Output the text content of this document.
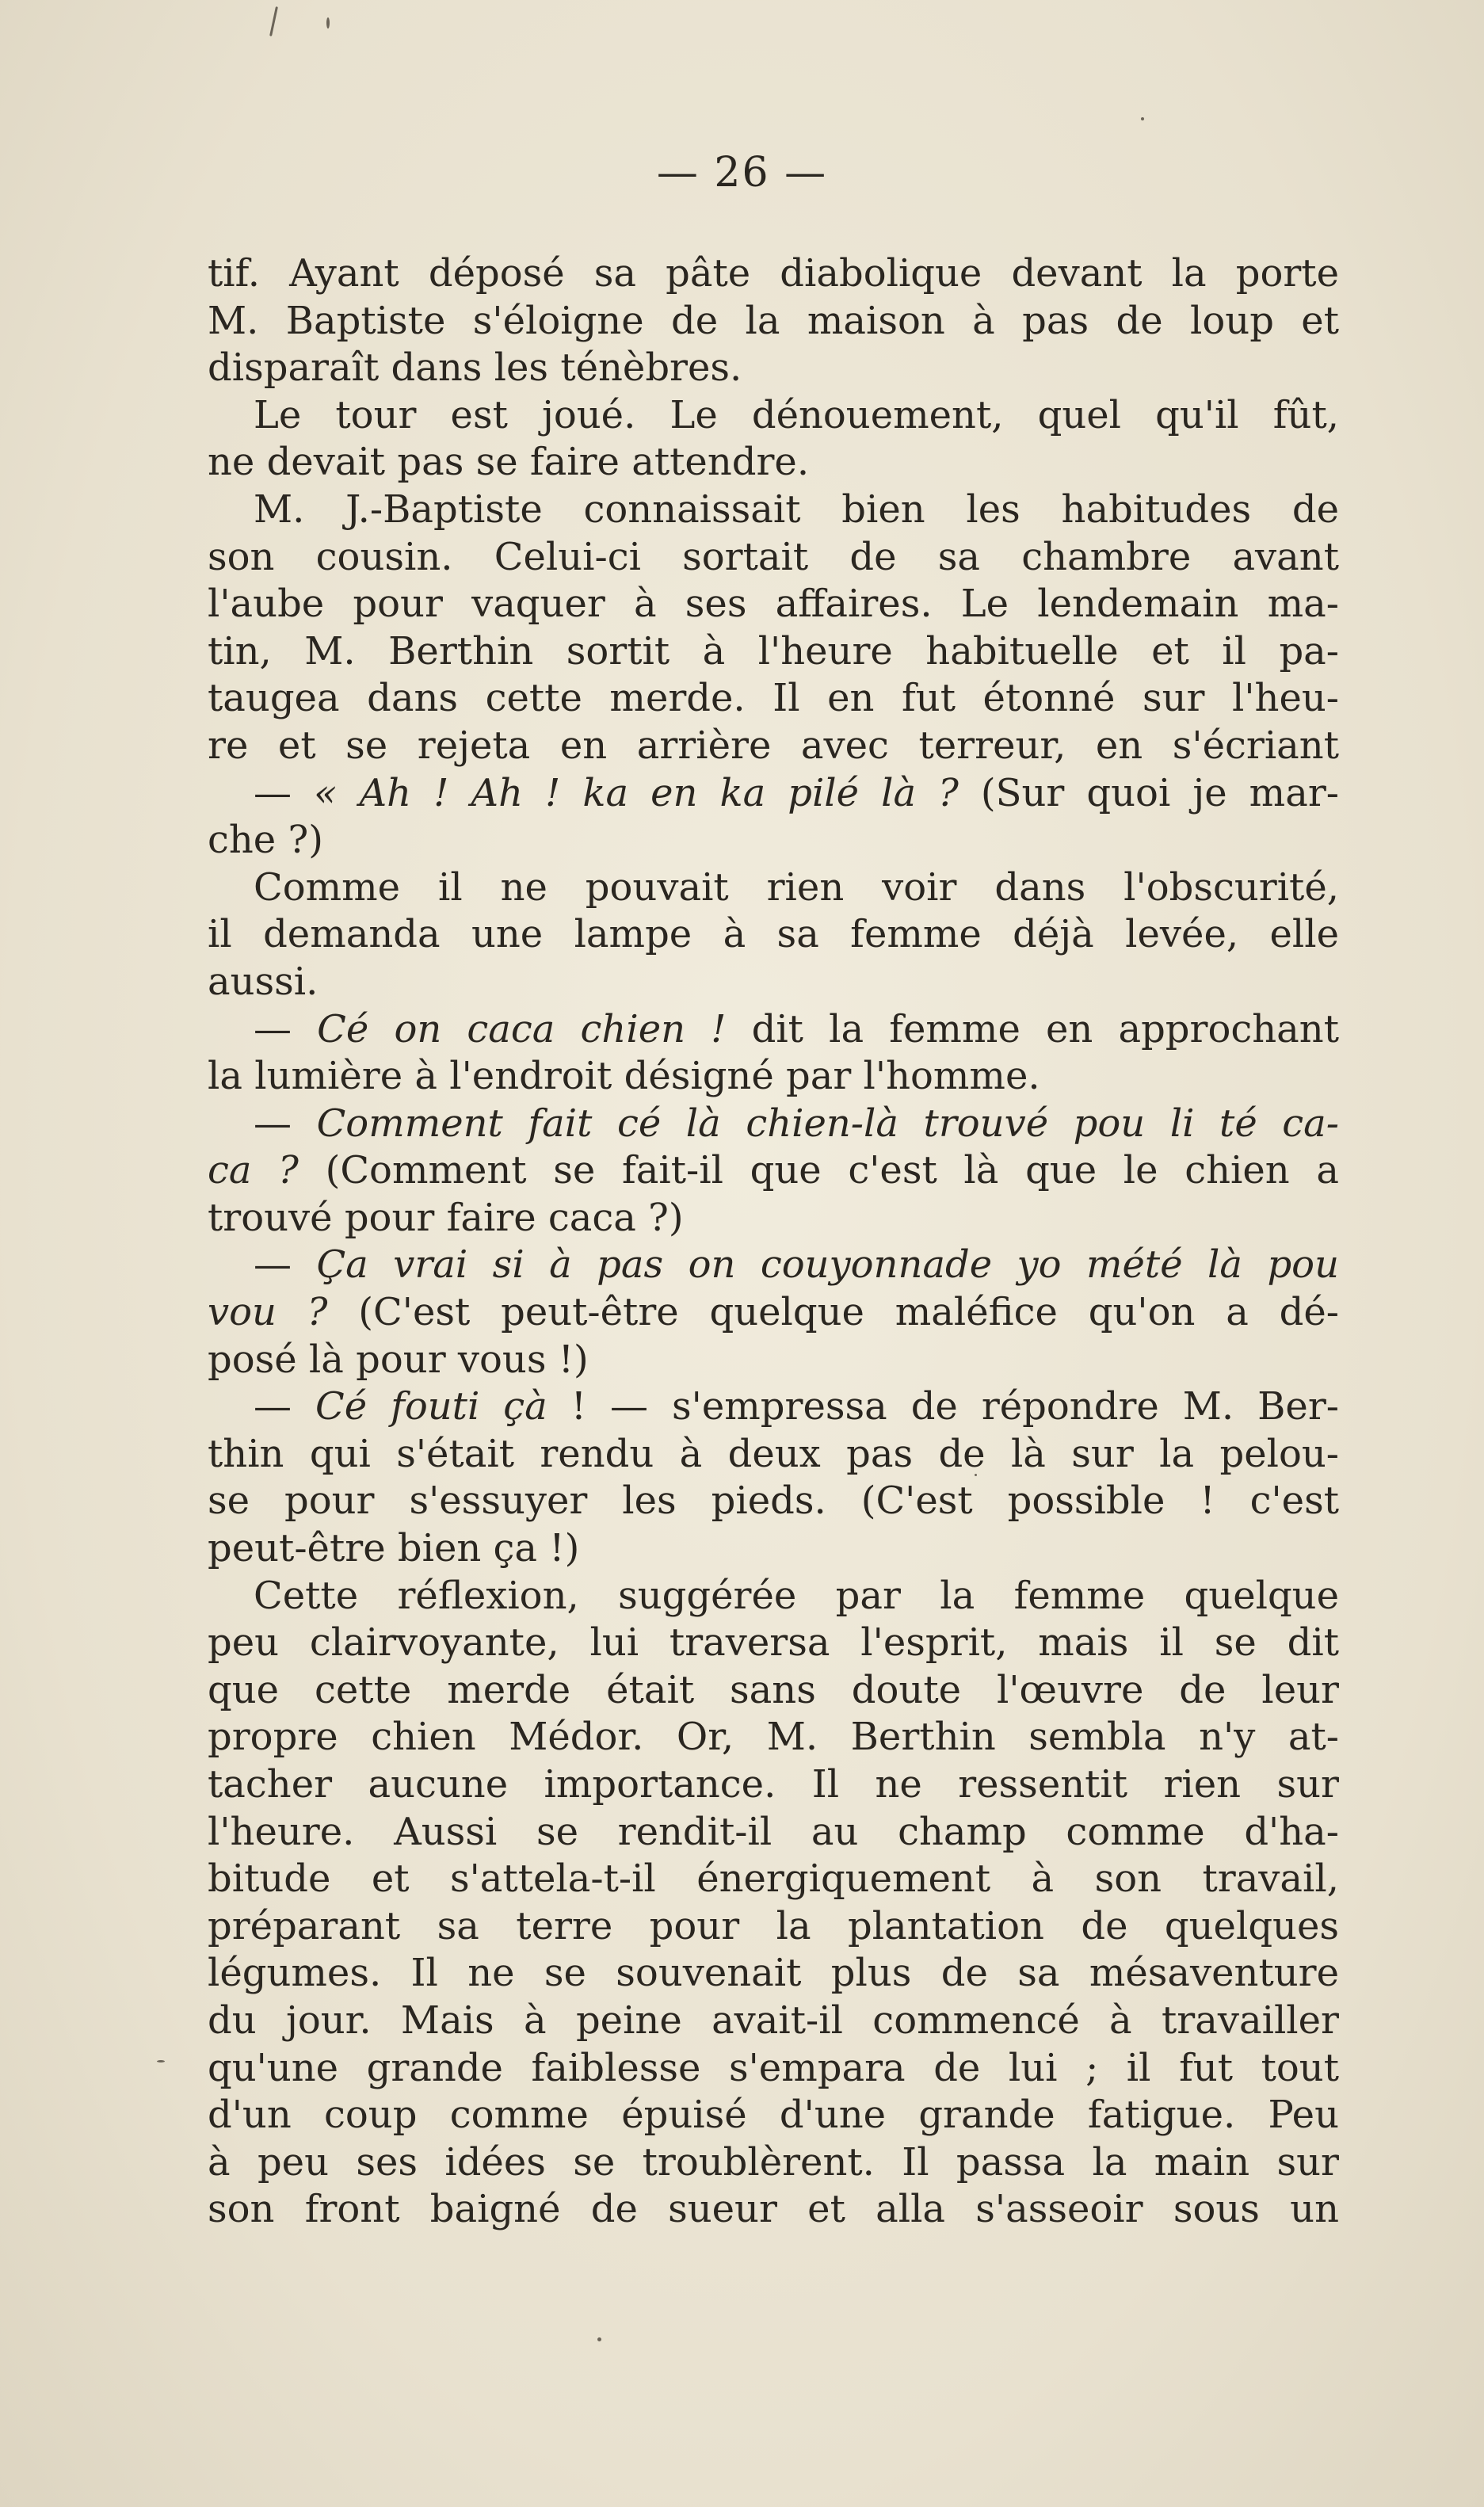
— 26 —
tif. Ayant déposé sa pâte diabolique devant la porte
M. Baptiste s'éloigne de la maison à pas de loup et
disparaît dans les ténèbres.
Le tour est joué. Le dénouement, quel qu'il fût,
ne devait pas se faire attendre.
M. J.-Baptiste connaissait bien les habitudes de
son cousin. Celui-ci sortait de sa chambre avant
l'aube pour vaquer à ses affaires. Le lendemain ma-
tin, M. Berthin sortit à l'heure habituelle et il pa-
taugea dans cette merde. Il en fut étonné sur l'heu-
re et se rejeta en arrière avec terreur, en s'écriant
— « Ah ! Ah ! ka en ka pilé là ? (Sur quoi je mar-
che ?)
Comme il ne pouvait rien voir dans l'obscurité,
il demanda une lampe à sa femme déjà levée, elle
aussi.
— Cé on caca chien ! dit la femme en approchant
la lumière à l'endroit désigné par l'homme.
— Comment fait cé là chien-là trouvé pou li té ca-
ca ? (Comment se fait-il que c'est là que le chien a
trouvé pour faire caca ?)
— Ça vrai si à pas on couyonnade yo mété là pou
vou ? (C'est peut-être quelque maléfice qu'on a dé-
posé là pour vous !)
— Cé fouti çà ! — s'empressa de répondre M. Ber-
thin qui s'était rendu à deux pas de là sur la pelou-
se pour s'essuyer les pieds. (C'est possible ! c'est
peut-être bien ça !)
Cette réflexion, suggérée par la femme quelque
peu clairvoyante, lui traversa l'esprit, mais il se dit
que cette merde était sans doute l'œuvre de leur
propre chien Médor. Or, M. Berthin sembla n'y at-
tacher aucune importance. Il ne ressentit rien sur
l'heure. Aussi se rendit-il au champ comme d'ha-
bitude et s'attela-t-il énergiquement à son travail,
préparant sa terre pour la plantation de quelques
légumes. Il ne se souvenait plus de sa mésaventure
du jour. Mais à peine avait-il commencé à travailler
qu'une grande faiblesse s'empara de lui ; il fut tout
d'un coup comme épuisé d'une grande fatigue. Peu
à peu ses idées se troublèrent. Il passa la main sur
son front baigné de sueur et alla s'asseoir sous un
